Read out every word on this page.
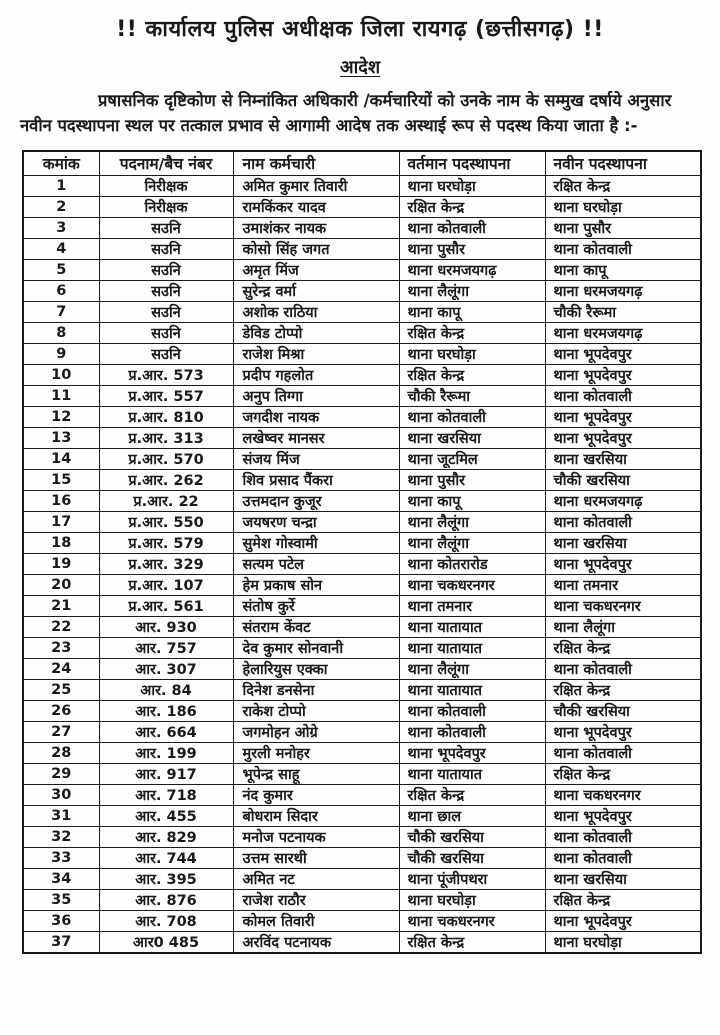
!! कार्यालय पुलिस अधीक्षक जिला रायगढ़ (छत्तीसगढ़) !!
आदेश
प्रषासनिक दृष्टिकोण से निम्नांकित अधिकारी /कर्मचारियों को उनके नाम के सम्मुख दर्षाये अनुसार नवीन पदस्थापना स्थल पर तत्काल प्रभाव से आगामी आदेष तक अस्थाई रूप से पदस्थ किया जाता है :-
कमांक	पदनाम/बैच नंबर	नाम कर्मचारी	वर्तमान पदस्थापना	नवीन पदस्थापना
1	निरीक्षक	अमित कुमार तिवारी	थाना घरघोड़ा	रक्षित केन्द्र
2	निरीक्षक	रामकिंकर यादव	रक्षित केन्द्र	थाना घरघोड़ा
3	सउनि	उमाशंकर नायक	थाना कोतवाली	थाना पुसौर
4	सउनि	कोसो सिंह जगत	थाना पुसौर	थाना कोतवाली
5	सउनि	अमृत मिंज	थाना धरमजयगढ़	थाना कापू
6	सउनि	सुरेन्द्र वर्मा	थाना लैलूंगा	थाना धरमजयगढ़
7	सउनि	अशोक राठिया	थाना कापू	चौकी रैरूमा
8	सउनि	डेविड टोप्पो	रक्षित केन्द्र	थाना धरमजयगढ़
9	सउनि	राजेश मिश्रा	थाना घरघोड़ा	थाना भूपदेवपुर
10	प्र.आर. 573	प्रदीप गहलोत	रक्षित केन्द्र	थाना भूपदेवपुर
11	प्र.आर. 557	अनुप तिग्गा	चौकी रैरूमा	थाना कोतवाली
12	प्र.आर. 810	जगदीश नायक	थाना कोतवाली	थाना भूपदेवपुर
13	प्र.आर. 313	लखेष्वर मानसर	थाना खरसिया	थाना भूपदेवपुर
14	प्र.आर. 570	संजय मिंज	थाना जूटमिल	थाना खरसिया
15	प्र.आर. 262	शिव प्रसाद पैंकरा	थाना पुसौर	चौकी खरसिया
16	प्र.आर. 22	उत्तमदान कुजूर	थाना कापू	थाना धरमजयगढ़
17	प्र.आर. 550	जयषरण चन्द्रा	थाना लैलूंगा	थाना कोतवाली
18	प्र.आर. 579	सुमेश गोस्वामी	थाना लैलूंगा	थाना खरसिया
19	प्र.आर. 329	सत्यम पटेल	थाना कोतरारोड	थाना भूपदेवपुर
20	प्र.आर. 107	हेम प्रकाष सोन	थाना चकधरनगर	थाना तमनार
21	प्र.आर. 561	संतोष कुर्रे	थाना तमनार	थाना चकधरनगर
22	आर. 930	संतराम केंवट	थाना यातायात	थाना लैलूंगा
23	आर. 757	देव कुमार सोनवानी	थाना यातायात	रक्षित केन्द्र
24	आर. 307	हेलारियुस एक्का	थाना लैलूंगा	थाना कोतवाली
25	आर. 84	दिनेश डनसेना	थाना यातायात	रक्षित केन्द्र
26	आर. 186	राकेश टोप्पो	थाना कोतवाली	चौकी खरसिया
27	आर. 664	जगमोहन ओग्रे	थाना कोतवाली	थाना भूपदेवपुर
28	आर. 199	मुरली मनोहर	थाना भूपदेवपुर	थाना कोतवाली
29	आर. 917	भूपेन्द्र साहू	थाना यातायात	रक्षित केन्द्र
30	आर. 718	नंद कुमार	रक्षित केन्द्र	थाना चकधरनगर
31	आर. 455	बोधराम सिदार	थाना छाल	थाना भूपदेवपुर
32	आर. 829	मनोज पटनायक	चौकी खरसिया	थाना कोतवाली
33	आर. 744	उत्तम सारथी	चौकी खरसिया	थाना कोतवाली
34	आर. 395	अमित नट	थाना पूंजीपथरा	थाना खरसिया
35	आर. 876	राजेश राठौर	थाना घरघोड़ा	रक्षित केन्द्र
36	आर. 708	कोमल तिवारी	थाना चकधरनगर	थाना भूपदेवपुर
37	आर0 485	अरविंद पटनायक	रक्षित केन्द्र	थाना घरघोड़ा
